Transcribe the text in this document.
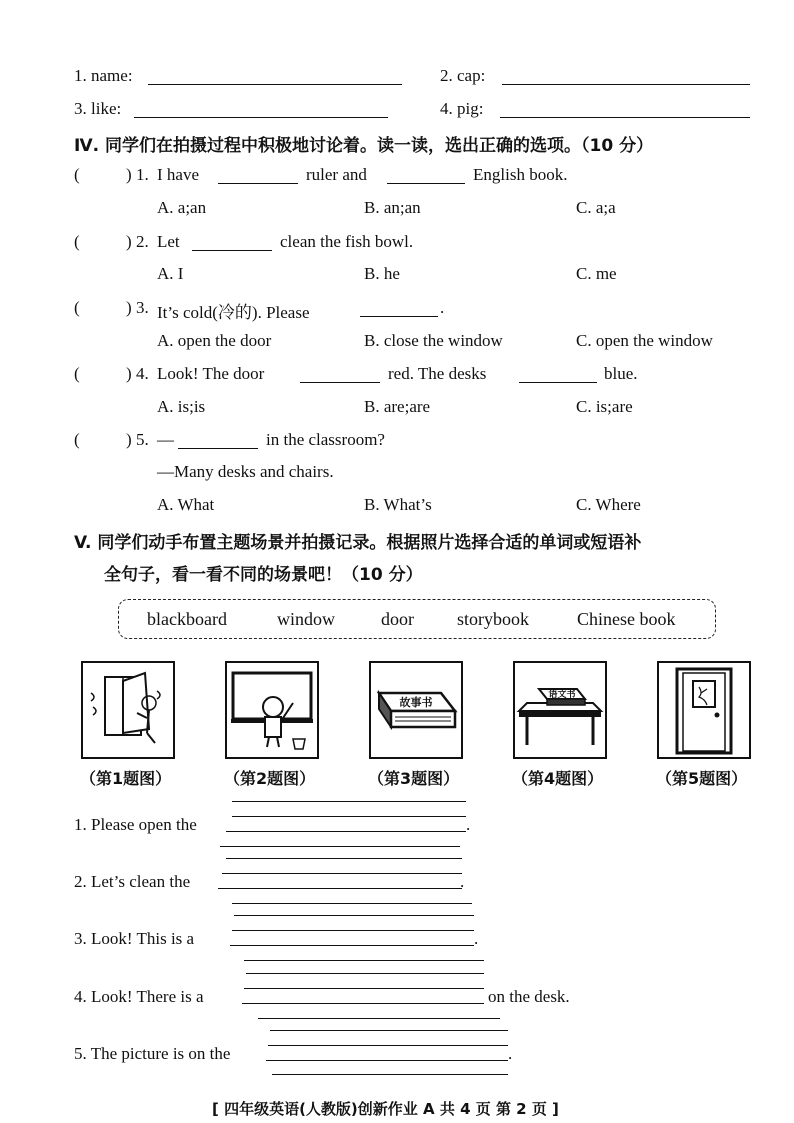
1. name:	2. cap:
3. like:	4. pig:
Ⅳ. 同学们在拍摄过程中积极地讨论着。读一读，选出正确的选项。（10 分）
(	) 1. I have	ruler and	English book.
A. a;an	B. an;an	C. a;a
(	) 2. Let	clean the fish bowl.
A. I	B. he	C. me
(	) 3. It’s cold(冷的). Please	.
A. open the door	B. close the window	C. open the window
(	) 4. Look! The door	red. The desks	blue.
A. is;is	B. are;are	C. is;are
(	) 5. —	in the classroom?
—Many desks and chairs.
A. What	B. What’s	C. Where
V. 同学们动手布置主题场景并拍摄记录。根据照片选择合适的单词或短语补
全句子，看一看不同的场景吧！（10 分）
blackboard	window	door storybook	Chinese book
故事书
语文书
（第1题图）	（第2题图）	（第3题图）	（第4题图）	（第5题图）
1. Please open the	.
2. Let’s clean the	.
3. Look! This is a	.
4. Look! There is a	on the desk.
5. The picture is on the	.
[ 四年级英语(人教版)创新作业 A 共 4 页 第 2 页 ]
